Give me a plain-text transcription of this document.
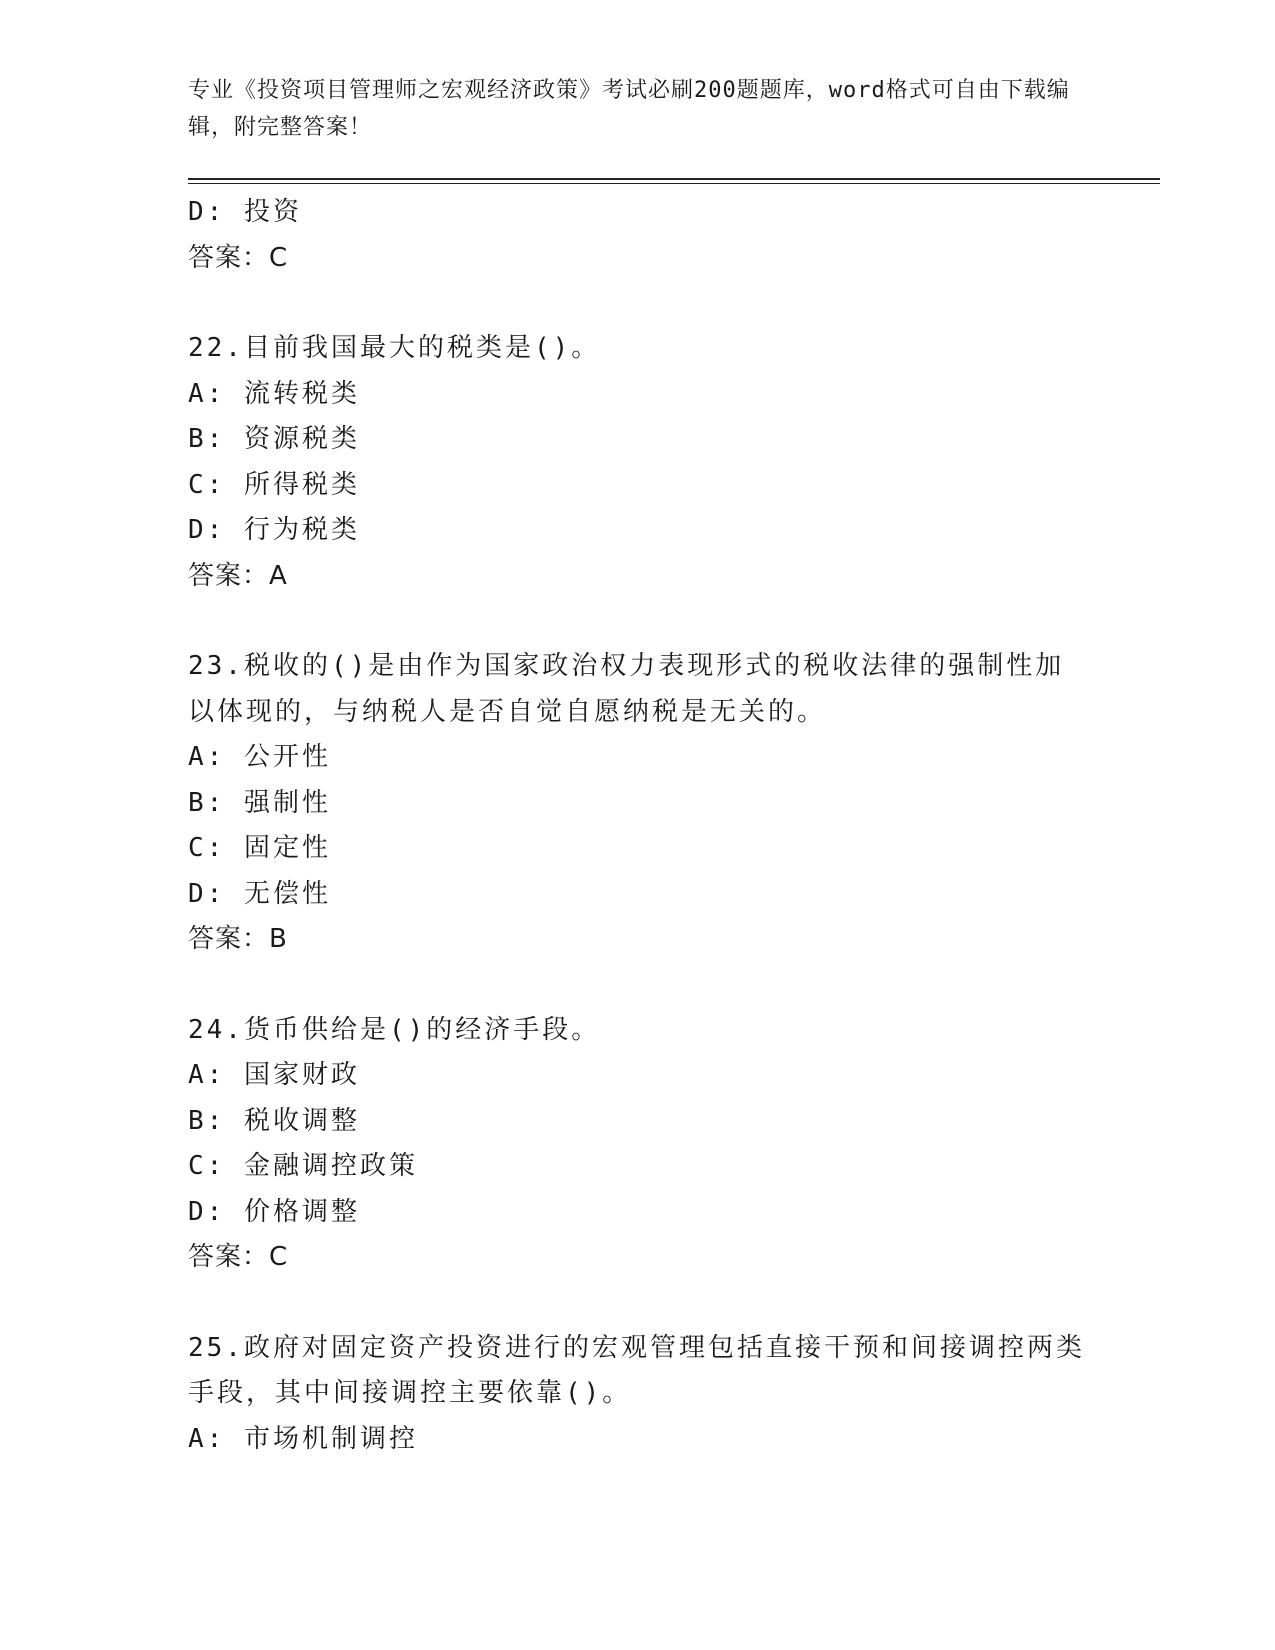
专业《投资项目管理师之宏观经济政策》考试必刷200题题库，word格式可自由下载编辑，附完整答案！
D: 投资
答案：C
22.目前我国最大的税类是()。
A: 流转税类
B: 资源税类
C: 所得税类
D: 行为税类
答案：A
23.税收的()是由作为国家政治权力表现形式的税收法律的强制性加以体现的，与纳税人是否自觉自愿纳税是无关的。
A: 公开性
B: 强制性
C: 固定性
D: 无偿性
答案：B
24.货币供给是()的经济手段。
A: 国家财政
B: 税收调整
C: 金融调控政策
D: 价格调整
答案：C
25.政府对固定资产投资进行的宏观管理包括直接干预和间接调控两类手段，其中间接调控主要依靠()。
A: 市场机制调控
